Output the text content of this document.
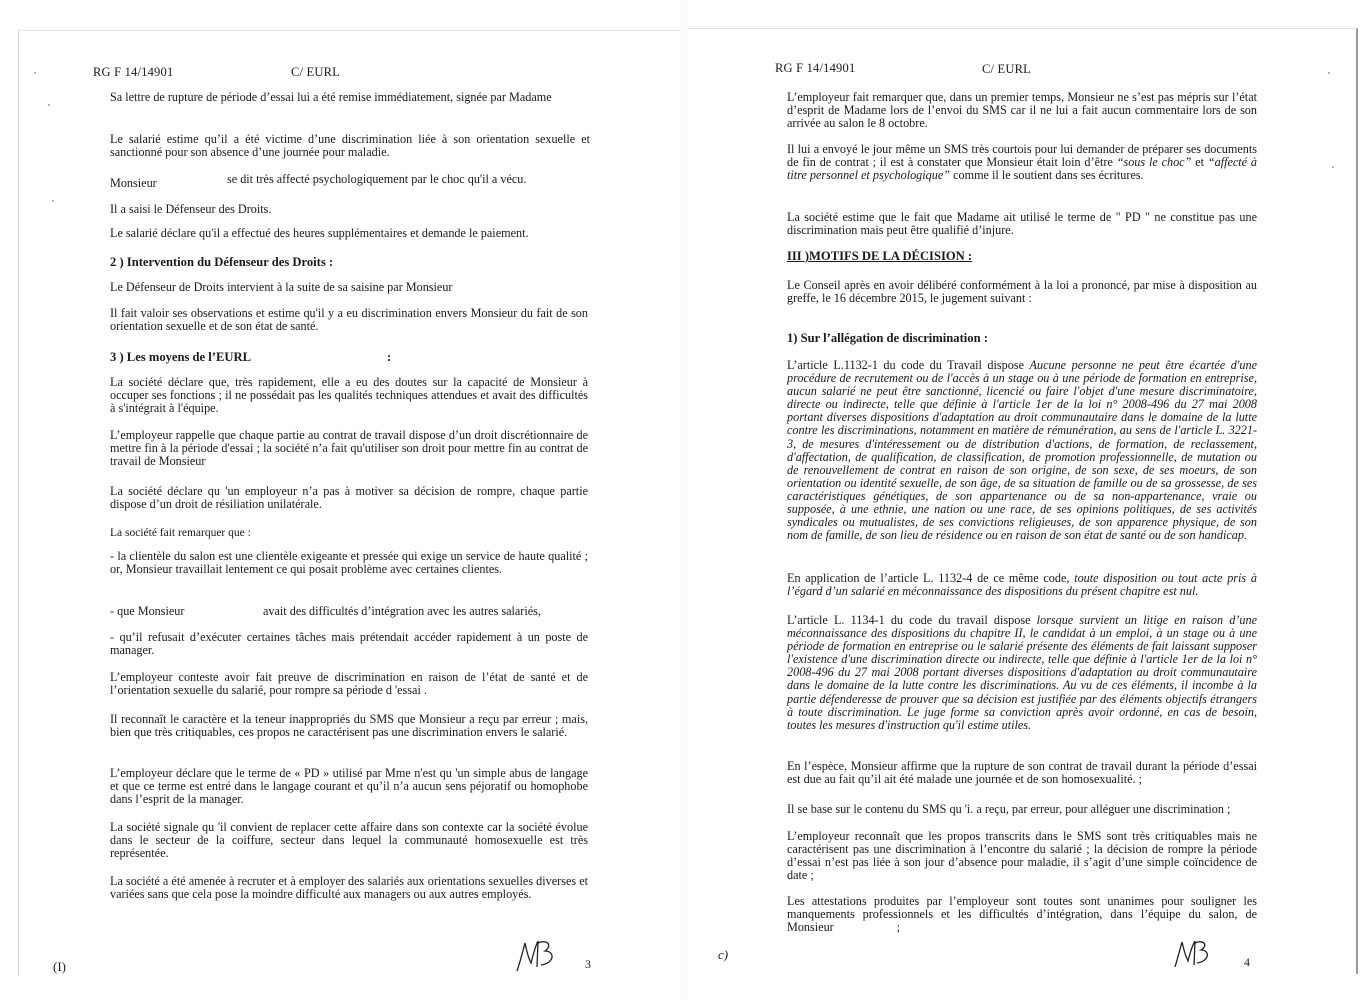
RG F 14/14901	C/ EURL
Sa lettre de rupture de période d’essai lui a été remise immédiatement, signée par Madame
Le salarié estime qu’il a été victime d’une discrimination liée à son orientation sexuelle et sanctionné pour son absence d’une journée pour maladie.
Monsieur	se dit très affecté psychologiquement par le choc qu'il a vécu.
Il a saisi le Défenseur des Droits.
Le salarié déclare qu'il a effectué des heures supplémentaires et demande le paiement.
2 ) Intervention du Défenseur des Droits :
Le Défenseur de Droits intervient à la suite de sa saisine par Monsieur
Il fait valoir ses observations et estime qu'il y a eu discrimination envers Monsieur du fait de son orientation sexuelle et de son état de santé.
3 ) Les moyens de l’EURL	:
La société déclare que, très rapidement, elle a eu des doutes sur la capacité de Monsieur à occuper ses fonctions ; il ne possédait pas les qualités techniques attendues et avait des difficultés à s'intégrait à l'équipe.
L’employeur rappelle que chaque partie au contrat de travail dispose d’un droit discrétionnaire de mettre fin à la période d'essai ; la société n’a fait qu'utiliser son droit pour mettre fin au contrat de travail de Monsieur
La société déclare qu 'un employeur n’a pas à motiver sa décision de rompre, chaque partie dispose d’un droit de résiliation unilatérale.
La société fait remarquer que :
- la clientèle du salon est une clientèle exigeante et pressée qui exige un service de haute qualité ; or, Monsieur travaillait lentement ce qui posait problème avec certaines clientes.
- que Monsieur	avait des difficultés d’intégration avec les autres salariés,
- qu’il refusait d’exécuter certaines tâches mais prétendait accéder rapidement à un poste de manager.
L’employeur conteste avoir fait preuve de discrimination en raison de l’état de santé et de l’orientation sexuelle du salarié, pour rompre sa période d 'essai .
Il reconnaît le caractère et la teneur inappropriés du SMS que Monsieur a reçu par erreur ; mais, bien que très critiquables, ces propos ne caractérisent pas une discrimination envers le salarié.
L’employeur déclare que le terme de « PD » utilisé par Mme n'est qu 'un simple abus de langage et que ce terme est entré dans le langage courant et qu’il n’a aucun sens péjoratif ou homophobe dans l’esprit de la manager.
La société signale qu 'il convient de replacer cette affaire dans son contexte car la société évolue dans le secteur de la coiffure, secteur dans lequel la communauté homosexuelle est très représentée.
La société a été amenée à recruter et à employer des salariés aux orientations sexuelles diverses et variées sans que cela pose la moindre difficulté aux managers ou aux autres employés.
3
(I)
RG F 14/14901	C/ EURL
L’employeur fait remarquer que, dans un premier temps, Monsieur ne s’est pas mépris sur l’état d’esprit de Madame lors de l’envoi du SMS car il ne lui a fait aucun commentaire lors de son arrivée au salon le 8 octobre.
Il lui a envoyé le jour même un SMS très courtois pour lui demander de préparer ses documents de fin de contrat ; il est à constater que Monsieur était loin d’être “sous le choc” et “affecté à titre personnel et psychologique” comme il le soutient dans ses écritures.
La société estime que le fait que Madame ait utilisé le terme de " PD " ne constitue pas une discrimination mais peut être qualifié d’injure.
III )MOTIFS DE LA DÉCISION :
Le Conseil après en avoir délibéré conformément à la loi a prononcé, par mise à disposition au greffe, le 16 décembre 2015, le jugement suivant :
1) Sur l’allégation de discrimination :
L’article L.1132-1 du code du Travail dispose Aucune personne ne peut être écartée d'une procédure de recrutement ou de l'accès à un stage ou à une période de formation en entreprise, aucun salarié ne peut être sanctionné, licencié ou faire l'objet d'une mesure discriminatoire, directe ou indirecte, telle que définie à l'article 1er de la loi n° 2008-496 du 27 mai 2008 portant diverses dispositions d'adaptation au droit communautaire dans le domaine de la lutte contre les discriminations, notamment en matière de rémunération, au sens de l'article L. 3221-3, de mesures d'intéressement ou de distribution d'actions, de formation, de reclassement, d'affectation, de qualification, de classification, de promotion professionnelle, de mutation ou de renouvellement de contrat en raison de son origine, de son sexe, de ses moeurs, de son orientation ou identité sexuelle, de son âge, de sa situation de famille ou de sa grossesse, de ses caractéristiques génétiques, de son appartenance ou de sa non-appartenance, vraie ou supposée, à une ethnie, une nation ou une race, de ses opinions politiques, de ses activités syndicales ou mutualistes, de ses convictions religieuses, de son apparence physique, de son nom de famille, de son lieu de résidence ou en raison de son état de santé ou de son handicap.
En application de l’article L. 1132-4 de ce même code, toute disposition ou tout acte pris à l’égard d’un salarié en méconnaissance des dispositions du présent chapitre est nul.
L’article L. 1134-1 du code du travail dispose lorsque survient un litige en raison d’une méconnaissance des dispositions du chapitre II, le candidat à un emploi, à un stage ou à une période de formation en entreprise ou le salarié présente des éléments de fait laissant supposer l'existence d'une discrimination directe ou indirecte, telle que définie à l'article 1er de la loi n° 2008-496 du 27 mai 2008 portant diverses dispositions d'adaptation au droit communautaire dans le domaine de la lutte contre les discriminations. Au vu de ces éléments, il incombe à la partie défenderesse de prouver que sa décision est justifiée par des éléments objectifs étrangers à toute discrimination. Le juge forme sa conviction après avoir ordonné, en cas de besoin, toutes les mesures d'instruction qu'il estime utiles.
En l’espèce, Monsieur affirme que la rupture de son contrat de travail durant la période d’essai est due au fait qu’il ait été malade une journée et de son homosexualité. ;
Il se base sur le contenu du SMS qu 'i. a reçu, par erreur, pour alléguer une discrimination ;
L’employeur reconnaît que les propos transcrits dans le SMS sont très critiquables mais ne caractérisent pas une discrimination à l’encontre du salarié ; la décision de rompre la période d’essai n’est pas liée à son jour d’absence pour maladie, il s’agit d’une simple coïncidence de date ;
Les attestations produites par l’employeur sont toutes sont unanimes pour souligner les manquements professionnels et les difficultés d’intégration, dans l’équipe du salon, de Monsieur	;
4
c)
